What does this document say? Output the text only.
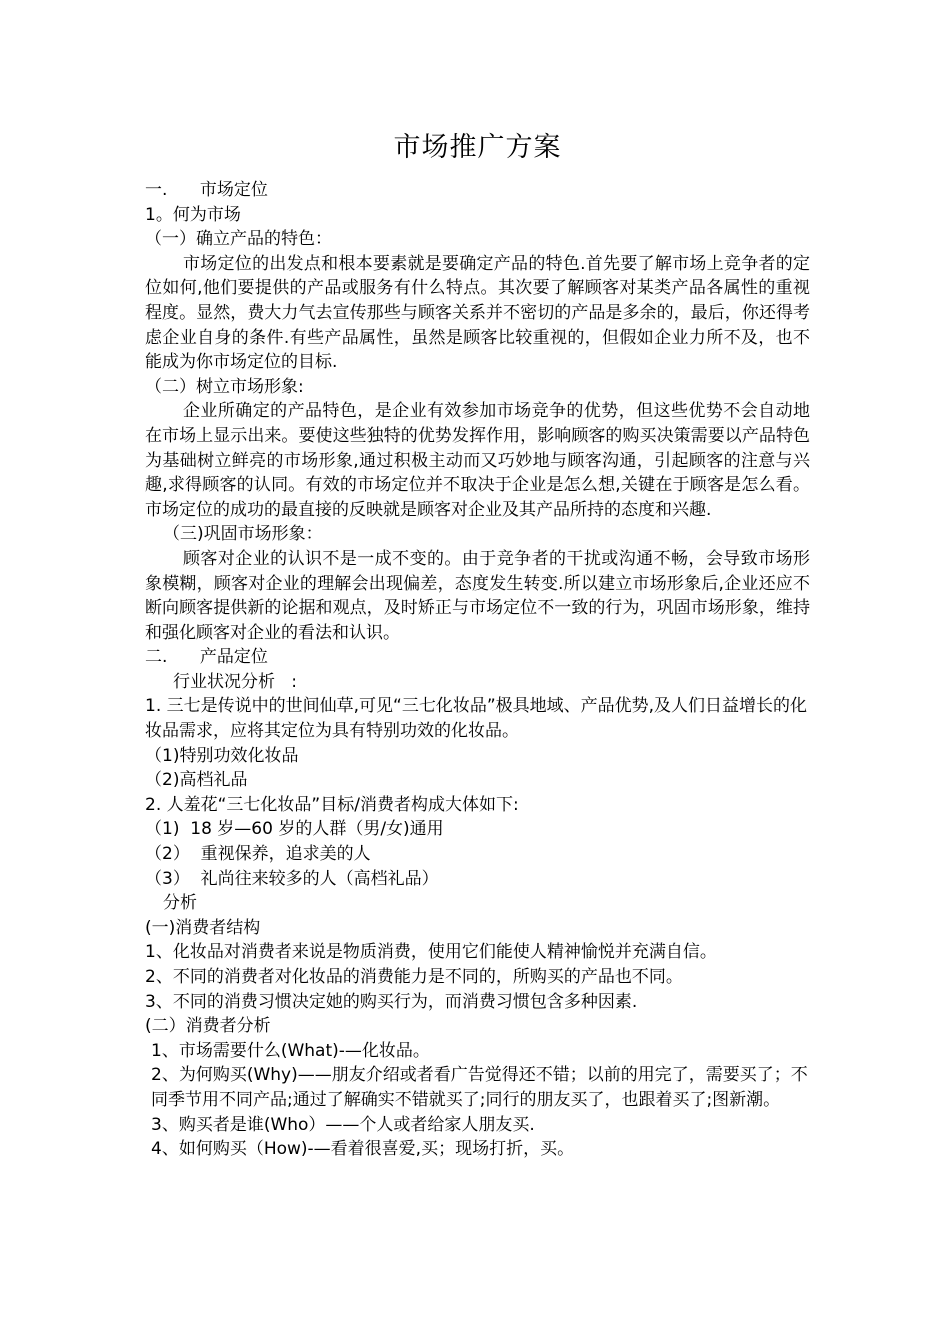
市场推广方案

一.      市场定位

1。何为市场

（一）确立产品的特色：

市场定位的出发点和根本要素就是要确定产品的特色.首先要了解市场上竞争者的定位如何,他们要提供的产品或服务有什么特点。其次要了解顾客对某类产品各属性的重视程度。显然，费大力气去宣传那些与顾客关系并不密切的产品是多余的，最后，你还得考虑企业自身的条件.有些产品属性，虽然是顾客比较重视的，但假如企业力所不及，也不能成为你市场定位的目标.

（二）树立市场形象:

企业所确定的产品特色，是企业有效参加市场竞争的优势，但这些优势不会自动地在市场上显示出来。要使这些独特的优势发挥作用，影响顾客的购买决策需要以产品特色为基础树立鲜亮的市场形象,通过积极主动而又巧妙地与顾客沟通，引起顾客的注意与兴趣,求得顾客的认同。有效的市场定位并不取决于企业是怎么想,关键在于顾客是怎么看。市场定位的成功的最直接的反映就是顾客对企业及其产品所持的态度和兴趣.

（三)巩固市场形象：

顾客对企业的认识不是一成不变的。由于竞争者的干扰或沟通不畅，会导致市场形象模糊，顾客对企业的理解会出现偏差，态度发生转变.所以建立市场形象后,企业还应不断向顾客提供新的论据和观点，及时矫正与市场定位不一致的行为，巩固市场形象，维持和强化顾客对企业的看法和认识。

二.      产品定位

行业状况分析   :

1. 三七是传说中的世间仙草,可见“三七化妆品”极具地域、产品优势,及人们日益增长的化妆品需求，应将其定位为具有特别功效的化妆品。

（1)特别功效化妆品

（2)高档礼品

2. 人羞花“三七化妆品”目标/消费者构成大体如下:

（1)  18 岁—60 岁的人群（男/女)通用

（2）  重视保养，追求美的人

（3）  礼尚往来较多的人（高档礼品）

分析

(一)消费者结构

1、化妆品对消费者来说是物质消费，使用它们能使人精神愉悦并充满自信。

2、不同的消费者对化妆品的消费能力是不同的，所购买的产品也不同。

3、不同的消费习惯决定她的购买行为，而消费习惯包含多种因素.

(二）消费者分析

1、市场需要什么(What)-—化妆品。

2、为何购买(Why)——朋友介绍或者看广告觉得还不错；以前的用完了，需要买了；不同季节用不同产品;通过了解确实不错就买了;同行的朋友买了，也跟着买了;图新潮。

3、购买者是谁(Who）——个人或者给家人朋友买.

4、如何购买（How)-—看着很喜爱,买；现场打折，买。
